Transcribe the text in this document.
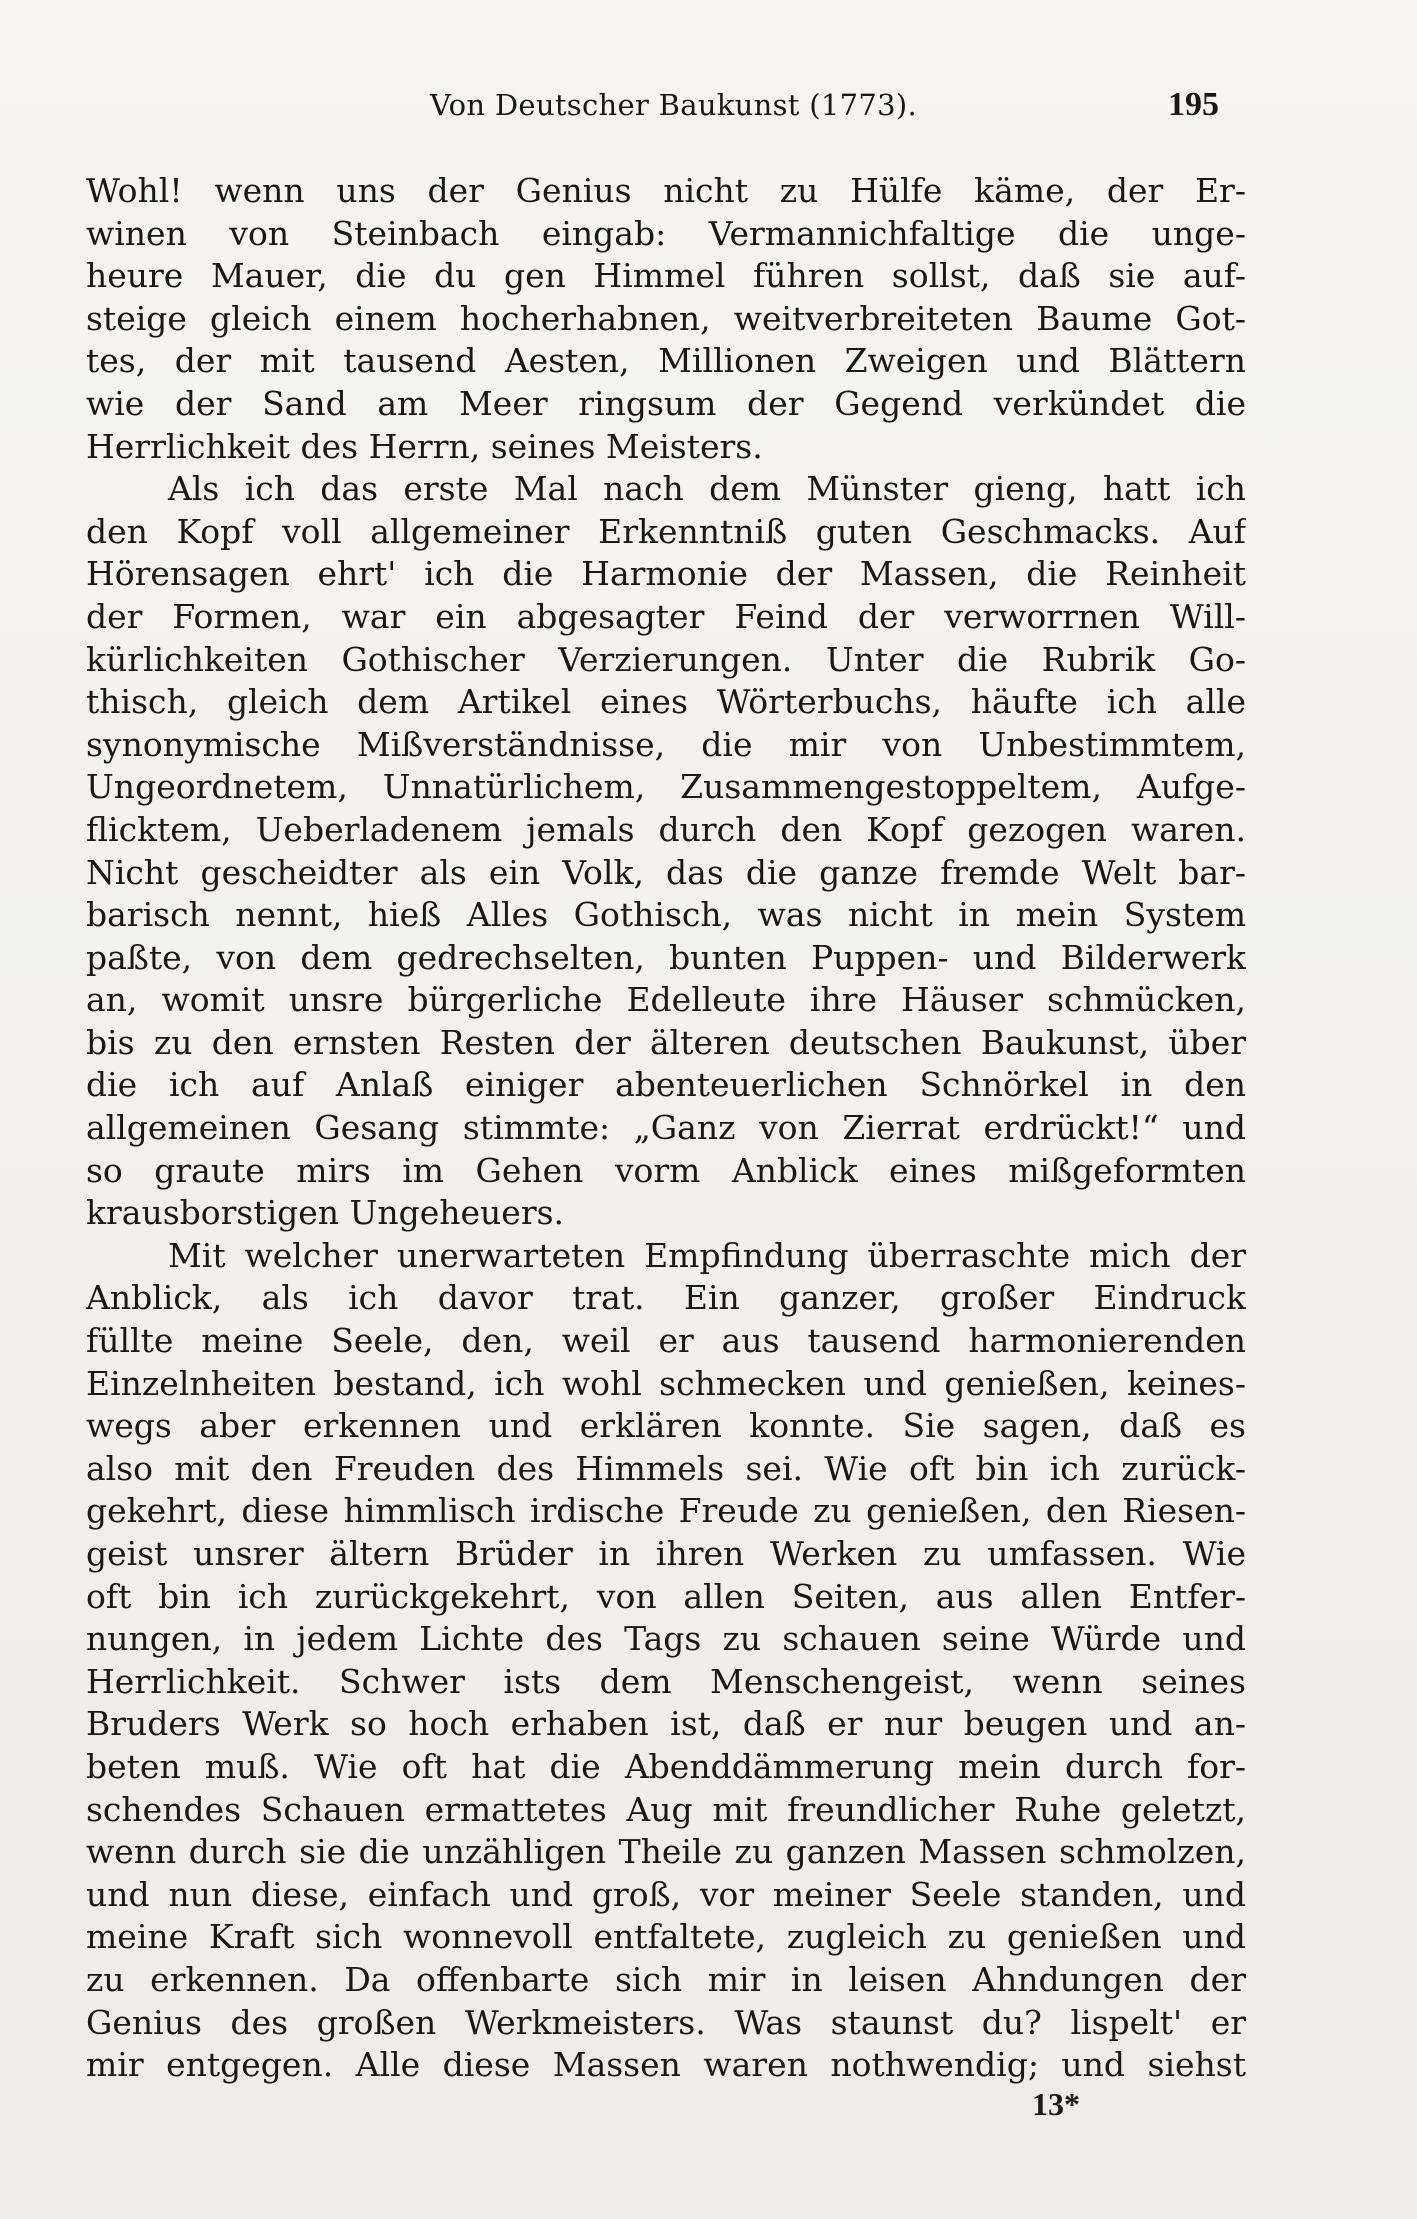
Von Deutscher Baukunst (1773).	195
Wohl! wenn uns der Genius nicht zu Hülfe käme, der Er-
winen von Steinbach eingab: Vermannichfaltige die unge-
heure Mauer, die du gen Himmel führen sollst, daß sie auf-
steige gleich einem hocherhabnen, weitverbreiteten Baume Got-
tes, der mit tausend Aesten, Millionen Zweigen und Blättern
wie der Sand am Meer ringsum der Gegend verkündet die
Herrlichkeit des Herrn, seines Meisters.
Als ich das erste Mal nach dem Münster gieng, hatt ich
den Kopf voll allgemeiner Erkenntniß guten Geschmacks. Auf
Hörensagen ehrt' ich die Harmonie der Massen, die Reinheit
der Formen, war ein abgesagter Feind der verworrnen Will-
kürlichkeiten Gothischer Verzierungen. Unter die Rubrik Go-
thisch, gleich dem Artikel eines Wörterbuchs, häufte ich alle
synonymische Mißverständnisse, die mir von Unbestimmtem,
Ungeordnetem, Unnatürlichem, Zusammengestoppeltem, Aufge-
flicktem, Ueberladenem jemals durch den Kopf gezogen waren.
Nicht gescheidter als ein Volk, das die ganze fremde Welt bar-
barisch nennt, hieß Alles Gothisch, was nicht in mein System
paßte, von dem gedrechselten, bunten Puppen- und Bilderwerk
an, womit unsre bürgerliche Edelleute ihre Häuser schmücken,
bis zu den ernsten Resten der älteren deutschen Baukunst, über
die ich auf Anlaß einiger abenteuerlichen Schnörkel in den
allgemeinen Gesang stimmte: „Ganz von Zierrat erdrückt!“ und
so graute mirs im Gehen vorm Anblick eines mißgeformten
krausborstigen Ungeheuers.
Mit welcher unerwarteten Empfindung überraschte mich der
Anblick, als ich davor trat. Ein ganzer, großer Eindruck
füllte meine Seele, den, weil er aus tausend harmonierenden
Einzelnheiten bestand, ich wohl schmecken und genießen, keines-
wegs aber erkennen und erklären konnte. Sie sagen, daß es
also mit den Freuden des Himmels sei. Wie oft bin ich zurück-
gekehrt, diese himmlisch irdische Freude zu genießen, den Riesen-
geist unsrer ältern Brüder in ihren Werken zu umfassen. Wie
oft bin ich zurückgekehrt, von allen Seiten, aus allen Entfer-
nungen, in jedem Lichte des Tags zu schauen seine Würde und
Herrlichkeit. Schwer ists dem Menschengeist, wenn seines
Bruders Werk so hoch erhaben ist, daß er nur beugen und an-
beten muß. Wie oft hat die Abenddämmerung mein durch for-
schendes Schauen ermattetes Aug mit freundlicher Ruhe geletzt,
wenn durch sie die unzähligen Theile zu ganzen Massen schmolzen,
und nun diese, einfach und groß, vor meiner Seele standen, und
meine Kraft sich wonnevoll entfaltete, zugleich zu genießen und
zu erkennen. Da offenbarte sich mir in leisen Ahndungen der
Genius des großen Werkmeisters. Was staunst du? lispelt' er
mir entgegen. Alle diese Massen waren nothwendig; und siehst
13*
